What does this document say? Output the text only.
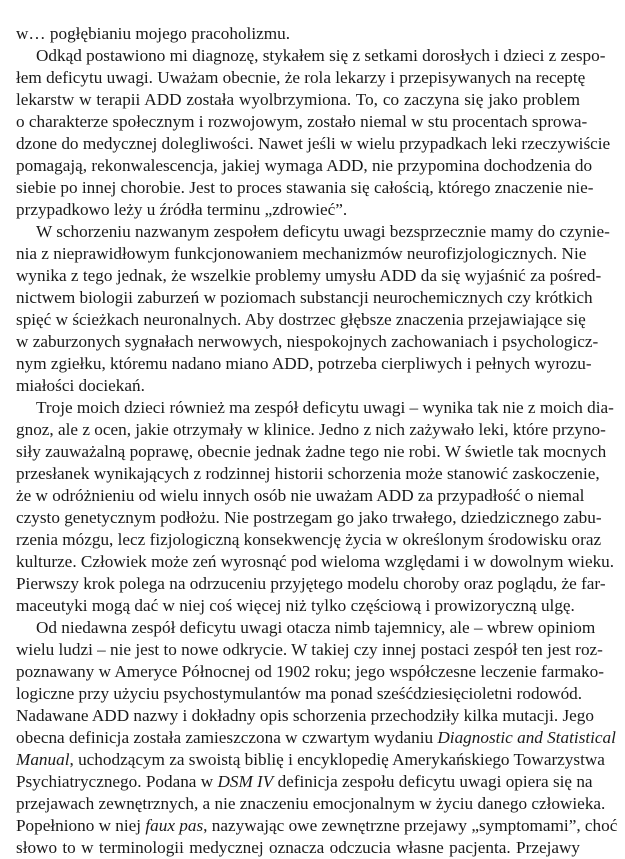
w… pogłębianiu mojego pracoholizmu.
Odkąd postawiono mi diagnozę, stykałem się z setkami dorosłych i dzieci z zespo-
łem deficytu uwagi. Uważam obecnie, że rola lekarzy i przepisywanych na receptę
lekarstw w terapii ADD została wyolbrzymiona. To, co zaczyna się jako problem
o charakterze społecznym i rozwojowym, zostało niemal w stu procentach sprowa-
dzone do medycznej dolegliwości. Nawet jeśli w wielu przypadkach leki rzeczywiście
pomagają, rekonwalescencja, jakiej wymaga ADD, nie przypomina dochodzenia do
siebie po innej chorobie. Jest to proces stawania się całością, którego znaczenie nie-
przypadkowo leży u źródła terminu „zdrowieć”.
W schorzeniu nazwanym zespołem deficytu uwagi bezsprzecznie mamy do czynie-
nia z nieprawidłowym funkcjonowaniem mechanizmów neurofizjologicznych. Nie
wynika z tego jednak, że wszelkie problemy umysłu ADD da się wyjaśnić za pośred-
nictwem biologii zaburzeń w poziomach substancji neurochemicznych czy krótkich
spięć w ścieżkach neuronalnych. Aby dostrzec głębsze znaczenia przejawiające się
w zaburzonych sygnałach nerwowych, niespokojnych zachowaniach i psychologicz-
nym zgiełku, któremu nadano miano ADD, potrzeba cierpliwych i pełnych wyrozu-
miałości dociekań.
Troje moich dzieci również ma zespół deficytu uwagi – wynika tak nie z moich dia-
gnoz, ale z ocen, jakie otrzymały w klinice. Jedno z nich zażywało leki, które przyno-
siły zauważalną poprawę, obecnie jednak żadne tego nie robi. W świetle tak mocnych
przesłanek wynikających z rodzinnej historii schorzenia może stanowić zaskoczenie,
że w odróżnieniu od wielu innych osób nie uważam ADD za przypadłość o niemal
czysto genetycznym podłożu. Nie postrzegam go jako trwałego, dziedzicznego zabu-
rzenia mózgu, lecz fizjologiczną konsekwencję życia w określonym środowisku oraz
kulturze. Człowiek może zeń wyrosnąć pod wieloma względami i w dowolnym wieku.
Pierwszy krok polega na odrzuceniu przyjętego modelu choroby oraz poglądu, że far-
maceutyki mogą dać w niej coś więcej niż tylko częściową i prowizoryczną ulgę.
Od niedawna zespół deficytu uwagi otacza nimb tajemnicy, ale – wbrew opiniom
wielu ludzi – nie jest to nowe odkrycie. W takiej czy innej postaci zespół ten jest roz-
poznawany w Ameryce Północnej od 1902 roku; jego współczesne leczenie farmako-
logiczne przy użyciu psychostymulantów ma ponad sześćdziesięcioletni rodowód.
Nadawane ADD nazwy i dokładny opis schorzenia przechodziły kilka mutacji. Jego
obecna definicja została zamieszczona w czwartym wydaniu Diagnostic and Statistical
Manual, uchodzącym za swoistą biblię i encyklopedię Amerykańskiego Towarzystwa
Psychiatrycznego. Podana w DSM IV definicja zespołu deficytu uwagi opiera się na
przejawach zewnętrznych, a nie znaczeniu emocjonalnym w życiu danego człowieka.
Popełniono w niej faux pas, nazywając owe zewnętrzne przejawy „symptomami”, choć
słowo to w terminologii medycznej oznacza odczucia własne pacjenta. Przejawy
